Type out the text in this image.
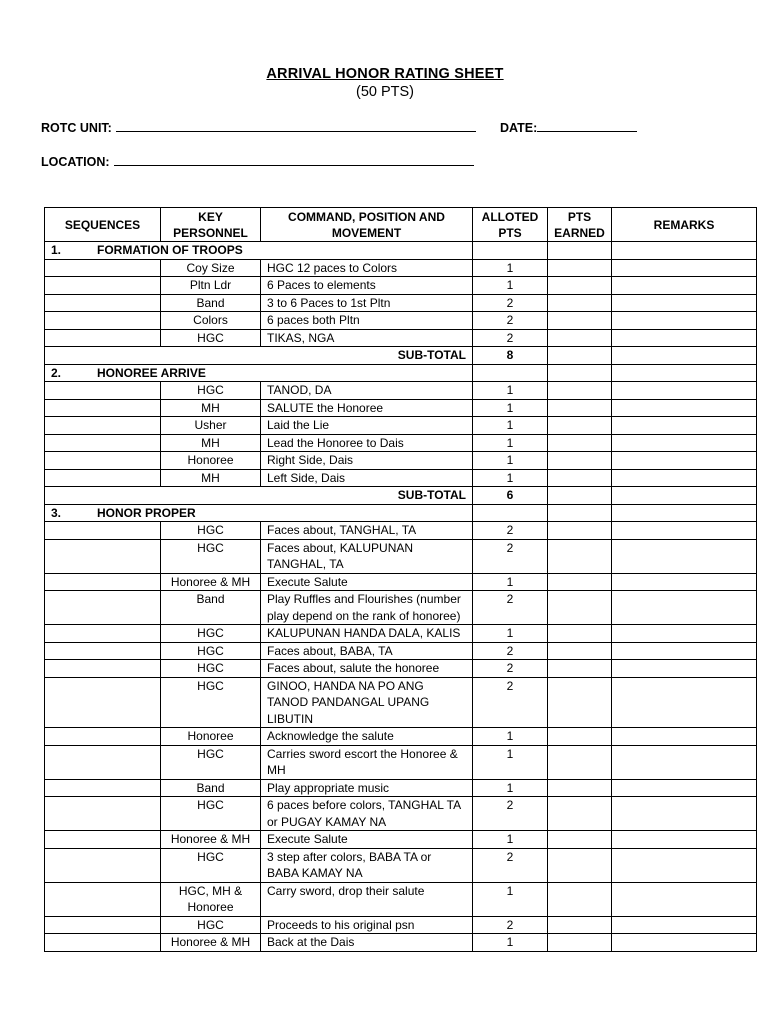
ARRIVAL HONOR RATING SHEET
(50 PTS)
ROTC UNIT:	DATE:
LOCATION:
SEQUENCES	KEY PERSONNEL	COMMAND, POSITION AND MOVEMENT	ALLOTED PTS	PTS EARNED	REMARKS
1. FORMATION OF TROOPS					
	Coy Size	HGC 12 paces to Colors	1		
	Pltn Ldr	6 Paces to elements	1		
	Band	3 to 6 Paces to 1st Pltn	2		
	Colors	6 paces both Pltn	2		
	HGC	TIKAS, NGA	2		
SUB-TOTAL			8		
2. HONOREE ARRIVE					
	HGC	TANOD, DA	1		
	MH	SALUTE the Honoree	1		
	Usher	Laid the Lie	1		
	MH	Lead the Honoree to Dais	1		
	Honoree	Right Side, Dais	1		
	MH	Left Side, Dais	1		
SUB-TOTAL			6		
3. HONOR PROPER					
	HGC	Faces about, TANGHAL, TA	2		
	HGC	Faces about, KALUPUNAN TANGHAL, TA	2		
	Honoree & MH	Execute Salute	1		
	Band	Play Ruffles and Flourishes (number play depend on the rank of honoree)	2		
	HGC	KALUPUNAN HANDA DALA, KALIS	1		
	HGC	Faces about, BABA, TA	2		
	HGC	Faces about, salute the honoree	2		
	HGC	GINOO, HANDA NA PO ANG TANOD PANDANGAL UPANG LIBUTIN	2		
	Honoree	Acknowledge the salute	1		
	HGC	Carries sword escort the Honoree & MH	1		
	Band	Play appropriate music	1		
	HGC	6 paces before colors, TANGHAL TA or PUGAY KAMAY NA	2		
	Honoree & MH	Execute Salute	1		
	HGC	3 step after colors, BABA TA or BABA KAMAY NA	2		
	HGC, MH & Honoree	Carry sword, drop their salute	1		
	HGC	Proceeds to his original psn	2		
	Honoree & MH	Back at the Dais	1		
